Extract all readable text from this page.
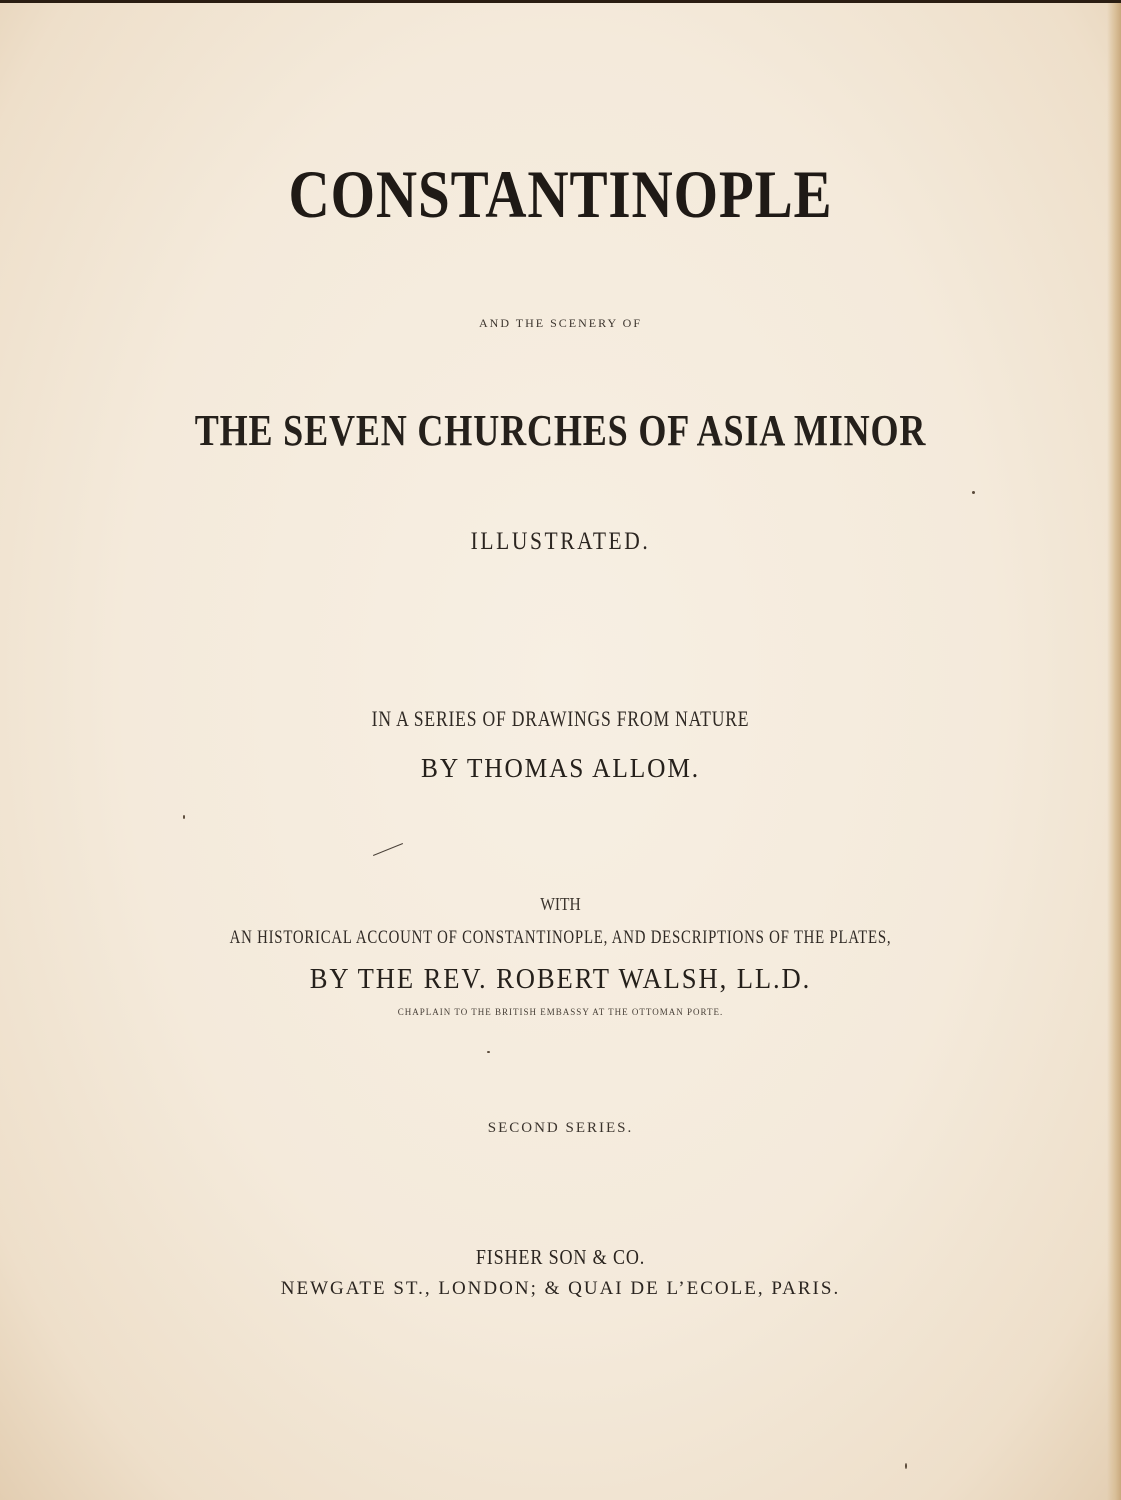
CONSTANTINOPLE
AND THE SCENERY OF
THE SEVEN CHURCHES OF ASIA MINOR
ILLUSTRATED.
IN A SERIES OF DRAWINGS FROM NATURE
BY THOMAS ALLOM.
WITH
AN HISTORICAL ACCOUNT OF CONSTANTINOPLE, AND DESCRIPTIONS OF THE PLATES,
BY THE REV. ROBERT WALSH, LL.D.
CHAPLAIN TO THE BRITISH EMBASSY AT THE OTTOMAN PORTE.
SECOND SERIES.
FISHER SON & CO.
NEWGATE ST., LONDON; & QUAI DE L’ECOLE, PARIS.
